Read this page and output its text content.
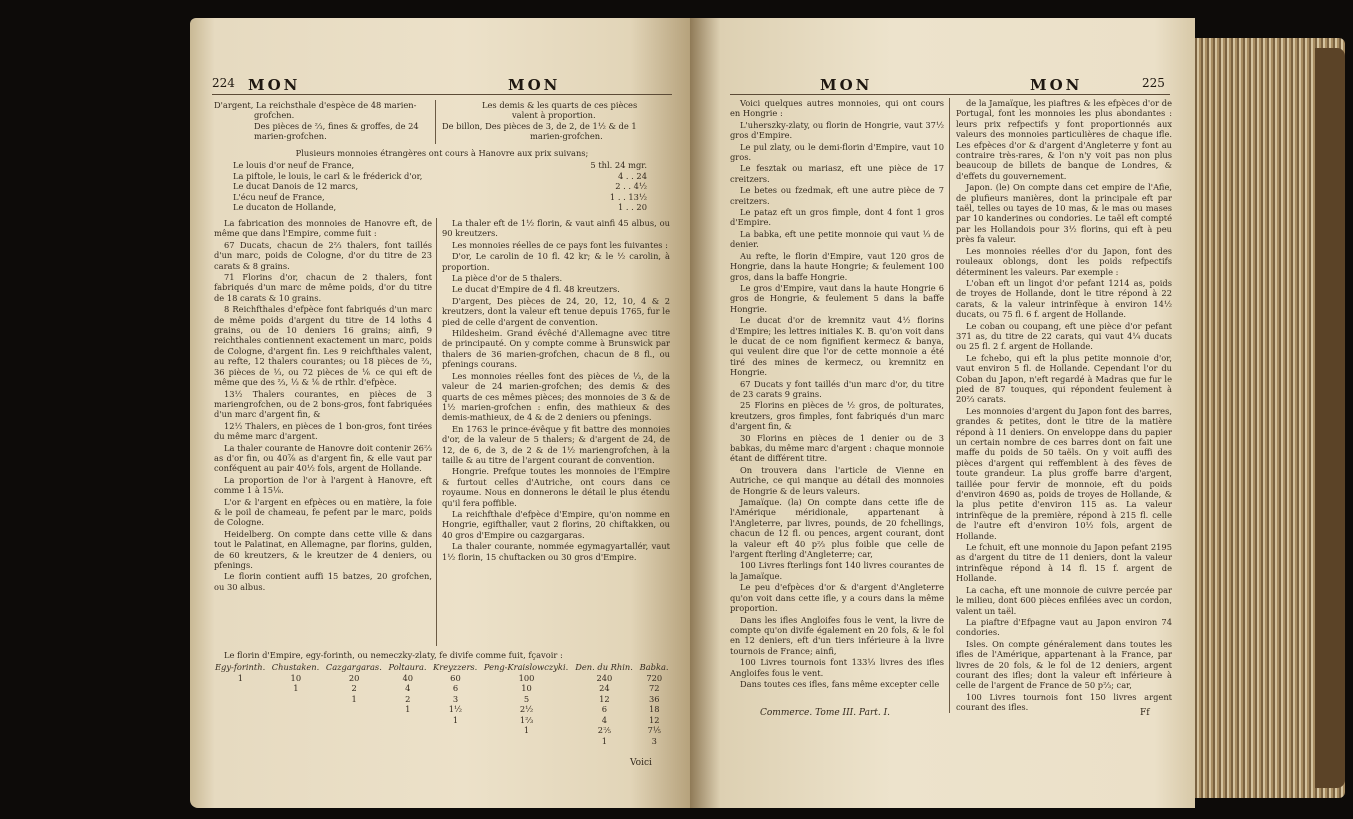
224 MON	MON
D'argent, La reichsthale d'espèce de 48 marien-
grofchen.
Des pièces de ⅔, fines & groffes, de 24
marien-grofchen.
Les demis & les quarts de ces pièces
valent à proportion.
De billon, Des pièces de 3, de 2, de 1½ & de 1
marien-grofchen.
Plusieurs monnoies étrangères ont cours à Hanovre aux prix suivans;
Le louis d'or neuf de France,	5 thl. 24 mgr.
La piftole, le louis, le carl & le fréderick d'or,	4 . . 24
Le ducat Danois de 12 marcs,	2 . . 4½
L'écu neuf de France,	1 . . 13½
Le ducaton de Hollande,	1 . . 20

La fabrication des monnoies de Hanovre eft, de même que dans l'Empire, comme fuit :

67 Ducats, chacun de 2⅔ thalers, font taillés d'un marc, poids de Cologne, d'or du titre de 23 carats & 8 grains.

71 Florins d'or, chacun de 2 thalers, font fabriqués d'un marc de même poids, d'or du titre de 18 carats & 10 grains.

8 Reichfthales d'efpèce font fabriqués d'un marc de même poids d'argent du titre de 14 loths 4 grains, ou de 10 deniers 16 grains; ainfi, 9 reichthales contiennent exactement un marc, poids de Cologne, d'argent fin. Les 9 reichfthales valent, au refte, 12 thalers courantes; ou 18 pièces de ⅔, 36 pièces de ⅓, ou 72 pièces de ⅙ ce qui eft de même que des ⅔, ⅓ & ⅙ de rthlr. d'efpèce.

13½ Thalers courantes, en pièces de 3 mariengrofchen, ou de 2 bons-gros, font fabriquées d'un marc d'argent fin, &

12½ Thalers, en pièces de 1 bon-gros, font tirées du même marc d'argent.

La thaler courante de Hanovre doit contenir 26⅔ as d'or fin, ou 40⅞ as d'argent fin, & elle vaut par conféquent au pair 40½ fols, argent de Hollande.

La proportion de l'or à l'argent à Hanovre, eft comme 1 à 15⅛.

L'or & l'argent en efpèces ou en matière, la foie & le poil de chameau, fe pefent par le marc, poids de Cologne.

Heidelberg. On compte dans cette ville & dans tout le Palatinat, en Allemagne, par florins, gulden, de 60 kreutzers, & le kreutzer de 4 deniers, ou pfenings.

Le florin contient auffi 15 batzes, 20 grofchen, ou 30 albus.

La thaler eft de 1½ florin, & vaut ainfi 45 albus, ou 90 kreutzers.

Les monnoies réelles de ce pays font les fuivantes :

D'or, Le carolin de 10 fl. 42 kr; & le ½ carolin, à proportion.

La pièce d'or de 5 thalers.

Le ducat d'Empire de 4 fl. 48 kreutzers.

D'argent, Des pièces de 24, 20, 12, 10, 4 & 2 kreutzers, dont la valeur eft tenue depuis 1765, fur le pied de celle d'argent de convention.

Hildesheim. Grand évêché d'Allemagne avec titre de principauté. On y compte comme à Brunswick par thalers de 36 marien-grofchen, chacun de 8 fl., ou pfenings courans.

Les monnoies réelles font des pièces de ⅓, de la valeur de 24 marien-grofchen; des demis & des quarts de ces mêmes pièces; des monnoies de 3 & de 1½ marien-grofchen : enfin, des mathieux & des demis-mathieux, de 4 & de 2 deniers ou pfenings.

En 1763 le prince-évêque y fit battre des monnoies d'or, de la valeur de 5 thalers; & d'argent de 24, de 12, de 6, de 3, de 2 & de 1½ mariengrofchen, à la taille & au titre de l'argent courant de convention.

Hongrie. Prefque toutes les monnoies de l'Empire & furtout celles d'Autriche, ont cours dans ce royaume. Nous en donnerons le détail le plus étendu qu'il fera poffible.

La reichfthale d'efpèce d'Empire, qu'on nomme en Hongrie, egifthaller, vaut 2 florins, 20 chiftakken, ou 40 gros d'Empire ou cazgargaras.

La thaler courante, nommée egymagyartallér, vaut 1½ florin, 15 chuftacken ou 30 gros d'Empire.

Le florin d'Empire, egy-forinth, ou nemeczky-zlaty, fe divife comme fuit, fçavoir :

Egy-forinth.	Chustaken.	Cazgargaras.	Poltaura.	Kreyzzers.	Peng-Kraislowczyki.	Den. du Rhin.	Babka.
1	10	20	40	60	100	240	720
	1	2	4	6	10	24	72
		1	2	3	5	12	36
			1	1½	2½	6	18
				1	1⅔	4	12
					1	2⅖	7⅕
						1	3
Voici
MON	MON	225

Voici quelques autres monnoies, qui ont cours en Hongrie :

L'uherszky-zlaty, ou florin de Hongrie, vaut 37½ gros d'Empire.

Le pul zlaty, ou le demi-florin d'Empire, vaut 10 gros.

Le fesztak ou mariasz, eft une pièce de 17 creitzers.

Le betes ou fzedmak, eft une autre pièce de 7 creitzers.

Le pataz eft un gros fimple, dont 4 font 1 gros d'Empire.

La babka, eft une petite monnoie qui vaut ⅓ de denier.

Au refte, le florin d'Empire, vaut 120 gros de Hongrie, dans la haute Hongrie; & feulement 100 gros, dans la baffe Hongrie.

Le gros d'Empire, vaut dans la haute Hongrie 6 gros de Hongrie, & feulement 5 dans la baffe Hongrie.

Le ducat d'or de kremnitz vaut 4½ florins d'Empire; les lettres initiales K. B. qu'on voit dans le ducat de ce nom fignifient kermecz & banya, qui veulent dire que l'or de cette monnoie a été tiré des mines de kermecz, ou kremnitz en Hongrie.

67 Ducats y font taillés d'un marc d'or, du titre de 23 carats 9 grains.

25 Florins en pièces de ½ gros, de polturates, kreutzers, gros fimples, font fabriqués d'un marc d'argent fin, &

30 Florins en pièces de 1 denier ou de 3 babkas, du même marc d'argent : chaque monnoie étant de différent titre.

On trouvera dans l'article de Vienne en Autriche, ce qui manque au détail des monnoies de Hongrie & de leurs valeurs.

Jamaïque. (la) On compte dans cette ifle de l'Amérique méridionale, appartenant à l'Angleterre, par livres, pounds, de 20 fchellings, chacun de 12 fl. ou pences, argent courant, dont la valeur eft 40 p⅔ plus foible que celle de l'argent fterling d'Angleterre; car,

100 Livres fterlings font 140 livres courantes de la Jamaïque.

Le peu d'efpèces d'or & d'argent d'Angleterre qu'on voit dans cette ifle, y a cours dans la même proportion.

Dans les ifles Angloifes fous le vent, la livre de compte qu'on divife également en 20 fols, & le fol en 12 deniers, eft d'un tiers inférieure à la livre tournois de France; ainfi,

100 Livres tournois font 133⅓ livres des ifles Angloifes fous le vent.

Dans toutes ces ifles, fans même excepter celle

de la Jamaïque, les piaftres & les efpèces d'or de Portugal, font les monnoies les plus abondantes : leurs prix refpectifs y font proportionnés aux valeurs des monnoies particulières de chaque ifle. Les efpèces d'or & d'argent d'Angleterre y font au contraire très-rares, & l'on n'y voit pas non plus beaucoup de billets de banque de Londres, & d'effets du gouvernement.

Japon. (le) On compte dans cet empire de l'Afie, de plufieurs manières, dont la principale eft par taël, telles ou tayes de 10 mas, & le mas ou mases par 10 kanderines ou condories. Le taël eft compté par les Hollandois pour 3½ florins, qui eft à peu près fa valeur.

Les monnoies réelles d'or du Japon, font des rouleaux oblongs, dont les poids refpectifs déterminent les valeurs. Par exemple :

L'oban eft un lingot d'or pefant 1214 as, poids de troyes de Hollande, dont le titre répond à 22 carats, & la valeur intrinfèque à environ 14½ ducats, ou 75 fl. 6 f. argent de Hollande.

Le coban ou coupang, eft une pièce d'or pefant 371 as, du titre de 22 carats, qui vaut 4¼ ducats ou 25 fl. 2 f. argent de Hollande.

Le fchebo, qui eft la plus petite monnoie d'or, vaut environ 5 fl. de Hollande. Cependant l'or du Coban du Japon, n'eft regardé à Madras que fur le pied de 87 touques, qui répondent feulement à 20⅔ carats.

Les monnoies d'argent du Japon font des barres, grandes & petites, dont le titre de la matière répond à 11 deniers. On enveloppe dans du papier un certain nombre de ces barres dont on fait une maffe du poids de 50 taëls. On y voit auffi des pièces d'argent qui reffemblent à des fèves de toute grandeur. La plus groffe barre d'argent, taillée pour fervir de monnoie, eft du poids d'environ 4690 as, poids de troyes de Hollande, & la plus petite d'environ 115 as. La valeur intrinfèque de la première, répond à 215 fl. celle de l'autre eft d'environ 10½ fols, argent de Hollande.

Le fchuit, eft une monnoie du Japon pefant 2195 as d'argent du titre de 11 deniers, dont la valeur intrinfèque répond à 14 fl. 15 f. argent de Hollande.

La cacha, eft une monnoie de cuivre percée par le milieu, dont 600 pièces enfilées avec un cordon, valent un taël.

La piaftre d'Efpagne vaut au Japon environ 74 condories.

Isles. On compte généralement dans toutes les ifles de l'Amérique, appartenant à la France, par livres de 20 fols, & le fol de 12 deniers, argent courant des ifles; dont la valeur eft inférieure à celle de l'argent de France de 50 p⅔; car,

100 Livres tournois font 150 livres argent courant des ifles.

Commerce. Tome III. Part. I.	Ff
